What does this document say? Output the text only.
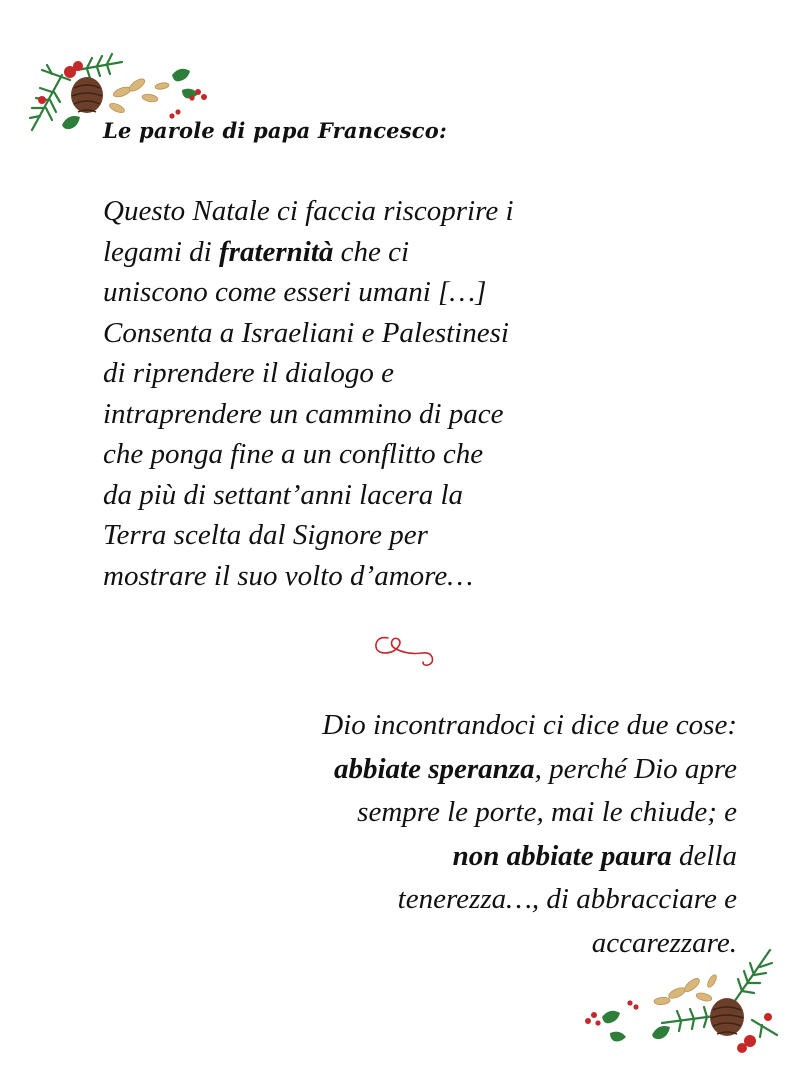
Le parole di papa Francesco:
Questo Natale ci faccia riscoprire i
legami di fraternità che ci
uniscono come esseri umani […]
Consenta a Israeliani e Palestinesi
di riprendere il dialogo e
intraprendere un cammino di pace
che ponga fine a un conflitto che
da più di settant’anni lacera la
Terra scelta dal Signore per
mostrare il suo volto d’amore…
Dio incontrandoci ci dice due cose:
abbiate speranza, perché Dio apre
sempre le porte, mai le chiude; e
non abbiate paura della
tenerezza…, di abbracciare e
accarezzare.
